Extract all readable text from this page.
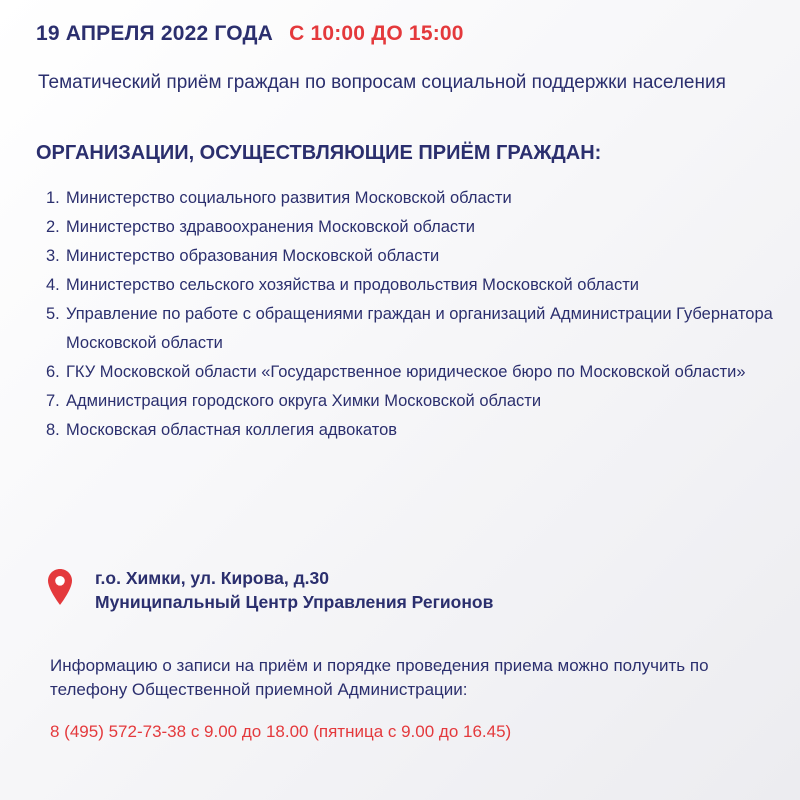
19 АПРЕЛЯ 2022 ГОДА С 10:00 ДО 15:00
Тематический приём граждан по вопросам социальной поддержки населения
ОРГАНИЗАЦИИ, ОСУЩЕСТВЛЯЮЩИЕ ПРИЁМ ГРАЖДАН:
1. Министерство социального развития Московской области
2. Министерство здравоохранения Московской области
3. Министерство образования Московской области
4. Министерство сельского хозяйства и продовольствия Московской области
5. Управление по работе с обращениями граждан и организаций Администрации Губернатора Московской области
6. ГКУ Московской области «Государственное юридическое бюро по Московской области»
7. Администрация городского округа Химки Московской области
8. Московская областная коллегия адвокатов
г.о. Химки, ул. Кирова, д.30
Муниципальный Центр Управления Регионов
Информацию о записи на приём и порядке проведения приема можно получить по телефону Общественной приемной Администрации:
8 (495) 572-73-38 с 9.00 до 18.00 (пятница с 9.00 до 16.45)
